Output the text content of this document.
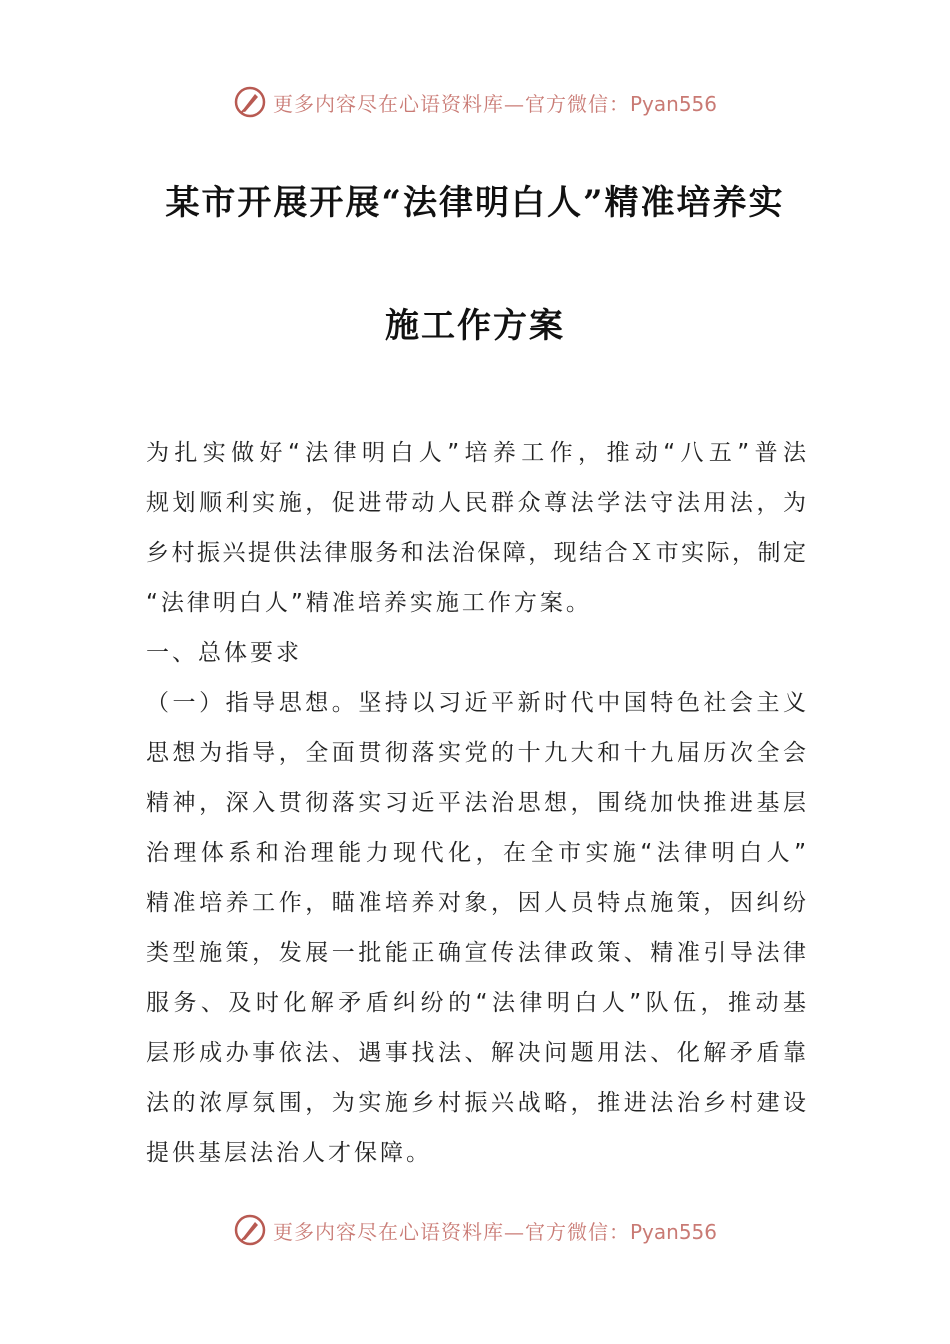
更多内容尽在心语资料库—官方微信：Pyan556
某市开展开展“法律明白人”精准培养实
施工作方案
为扎实做好“法律明白人”培养工作，推动“八五”普法
规划顺利实施，促进带动人民群众尊法学法守法用法，为
乡村振兴提供法律服务和法治保障，现结合Ｘ市实际，制定
“法律明白人”精准培养实施工作方案。
一、总体要求
（一）指导思想。坚持以习近平新时代中国特色社会主义
思想为指导，全面贯彻落实党的十九大和十九届历次全会
精神，深入贯彻落实习近平法治思想，围绕加快推进基层
治理体系和治理能力现代化，在全市实施“法律明白人”
精准培养工作，瞄准培养对象，因人员特点施策，因纠纷
类型施策，发展一批能正确宣传法律政策、精准引导法律
服务、及时化解矛盾纠纷的“法律明白人”队伍，推动基
层形成办事依法、遇事找法、解决问题用法、化解矛盾靠
法的浓厚氛围，为实施乡村振兴战略，推进法治乡村建设
提供基层法治人才保障。
更多内容尽在心语资料库—官方微信：Pyan556
